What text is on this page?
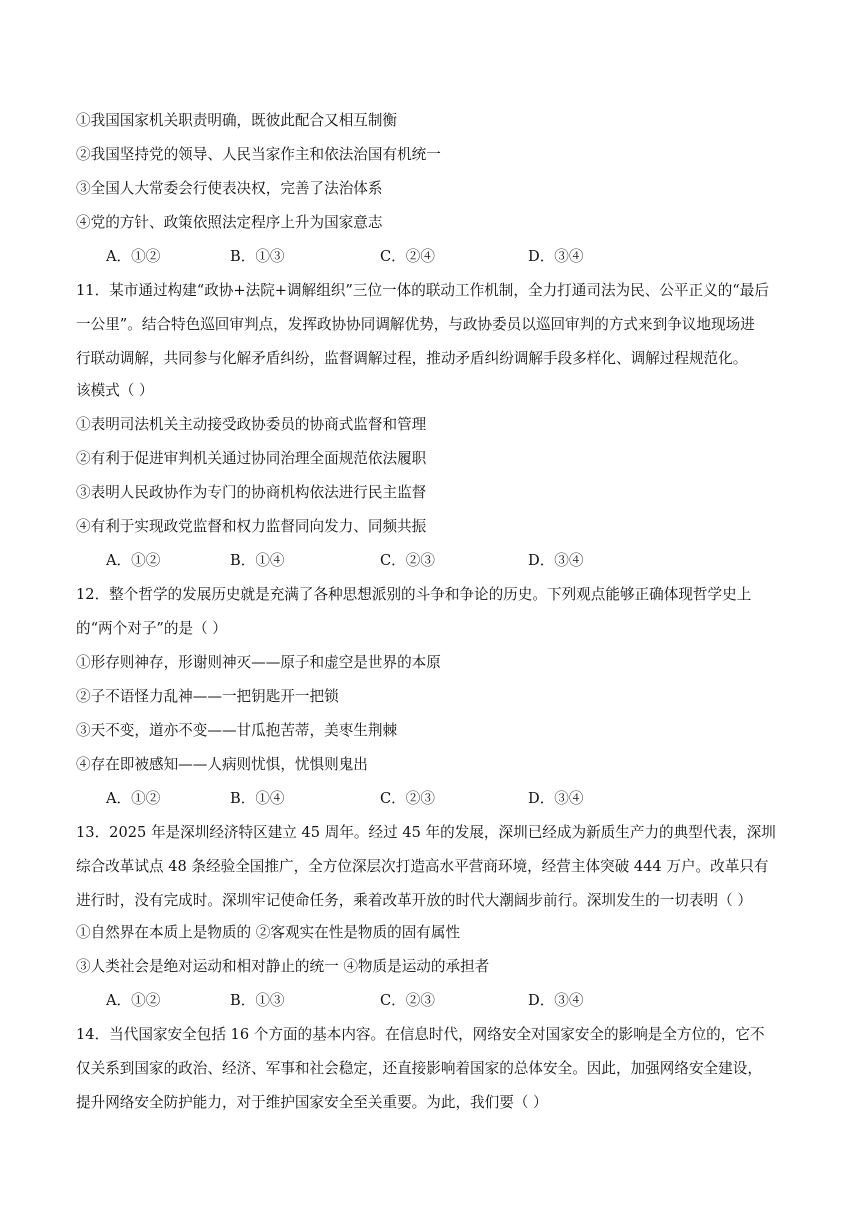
①我国国家机关职责明确，既彼此配合又相互制衡
②我国坚持党的领导、人民当家作主和依法治国有机统一
③全国人大常委会行使表决权，完善了法治体系
④党的方针、政策依照法定程序上升为国家意志
A．①②	B．①③	C．②④	D．③④
11．某市通过构建“政协+法院+调解组织”三位一体的联动工作机制，全力打通司法为民、公平正义的“最后
一公里”。结合特色巡回审判点，发挥政协协同调解优势，与政协委员以巡回审判的方式来到争议地现场进
行联动调解，共同参与化解矛盾纠纷，监督调解过程，推动矛盾纠纷调解手段多样化、调解过程规范化。
该模式（ ）
①表明司法机关主动接受政协委员的协商式监督和管理
②有利于促进审判机关通过协同治理全面规范依法履职
③表明人民政协作为专门的协商机构依法进行民主监督
④有利于实现政党监督和权力监督同向发力、同频共振
A．①②	B．①④	C．②③	D．③④
12．整个哲学的发展历史就是充满了各种思想派别的斗争和争论的历史。下列观点能够正确体现哲学史上
的“两个对子”的是（ ）
①形存则神存，形谢则神灭——原子和虚空是世界的本原
②子不语怪力乱神——一把钥匙开一把锁
③天不变，道亦不变——甘瓜抱苦蒂，美枣生荆棘
④存在即被感知——人病则忧惧，忧惧则鬼出
A．①②	B．①④	C．②③	D．③④
13．2025 年是深圳经济特区建立 45 周年。经过 45 年的发展，深圳已经成为新质生产力的典型代表，深圳
综合改革试点 48 条经验全国推广，全方位深层次打造高水平营商环境，经营主体突破 444 万户。改革只有
进行时，没有完成时。深圳牢记使命任务，乘着改革开放的时代大潮阔步前行。深圳发生的一切表明（ ）
①自然界在本质上是物质的 ②客观实在性是物质的固有属性
③人类社会是绝对运动和相对静止的统一 ④物质是运动的承担者
A．①②	B．①③	C．②③	D．③④
14．当代国家安全包括 16 个方面的基本内容。在信息时代，网络安全对国家安全的影响是全方位的，它不
仅关系到国家的政治、经济、军事和社会稳定，还直接影响着国家的总体安全。因此，加强网络安全建设，
提升网络安全防护能力，对于维护国家安全至关重要。为此，我们要（ ）
